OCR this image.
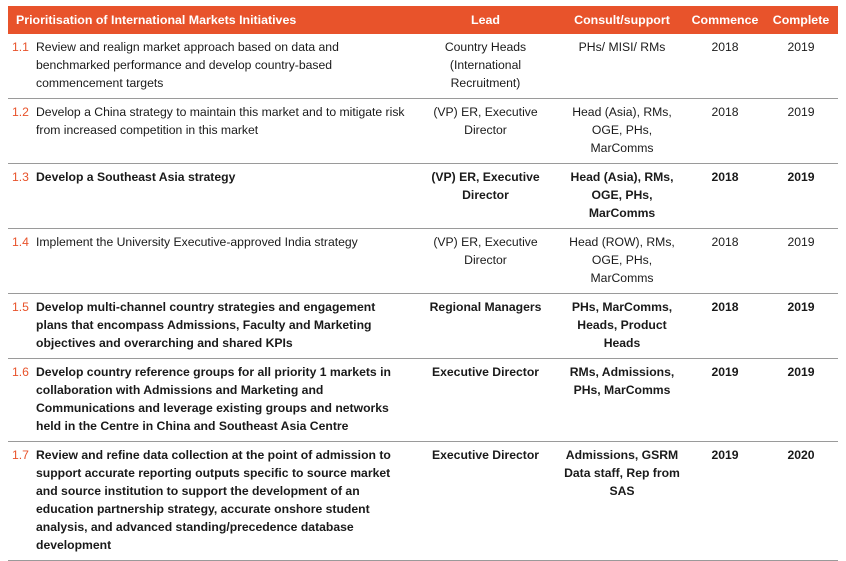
Prioritisation of International Markets Initiatives	Lead	Consult/support	Commence	Complete
1.1 Review and realign market approach based on data and benchmarked performance and develop country-based commencement targets	Country Heads (International Recruitment)	PHs/ MISI/ RMs	2018	2019
1.2 Develop a China strategy to maintain this market and to mitigate risk from increased competition in this market	(VP) ER, Executive Director	Head (Asia), RMs, OGE, PHs, MarComms	2018	2019
1.3 Develop a Southeast Asia strategy	(VP) ER, Executive Director	Head (Asia), RMs, OGE, PHs, MarComms	2018	2019
1.4 Implement the University Executive-approved India strategy	(VP) ER, Executive Director	Head (ROW), RMs, OGE, PHs, MarComms	2018	2019
1.5 Develop multi-channel country strategies and engagement plans that encompass Admissions, Faculty and Marketing objectives and overarching and shared KPIs	Regional Managers	PHs, MarComms, Heads, Product Heads	2018	2019
1.6 Develop country reference groups for all priority 1 markets in collaboration with Admissions and Marketing and Communications and leverage existing groups and networks held in the Centre in China and Southeast Asia Centre	Executive Director	RMs, Admissions, PHs, MarComms	2019	2019
1.7 Review and refine data collection at the point of admission to support accurate reporting outputs specific to source market and source institution to support the development of an education partnership strategy, accurate onshore student analysis, and advanced standing/precedence database development	Executive Director	Admissions, GSRM Data staff, Rep from SAS	2019	2020
